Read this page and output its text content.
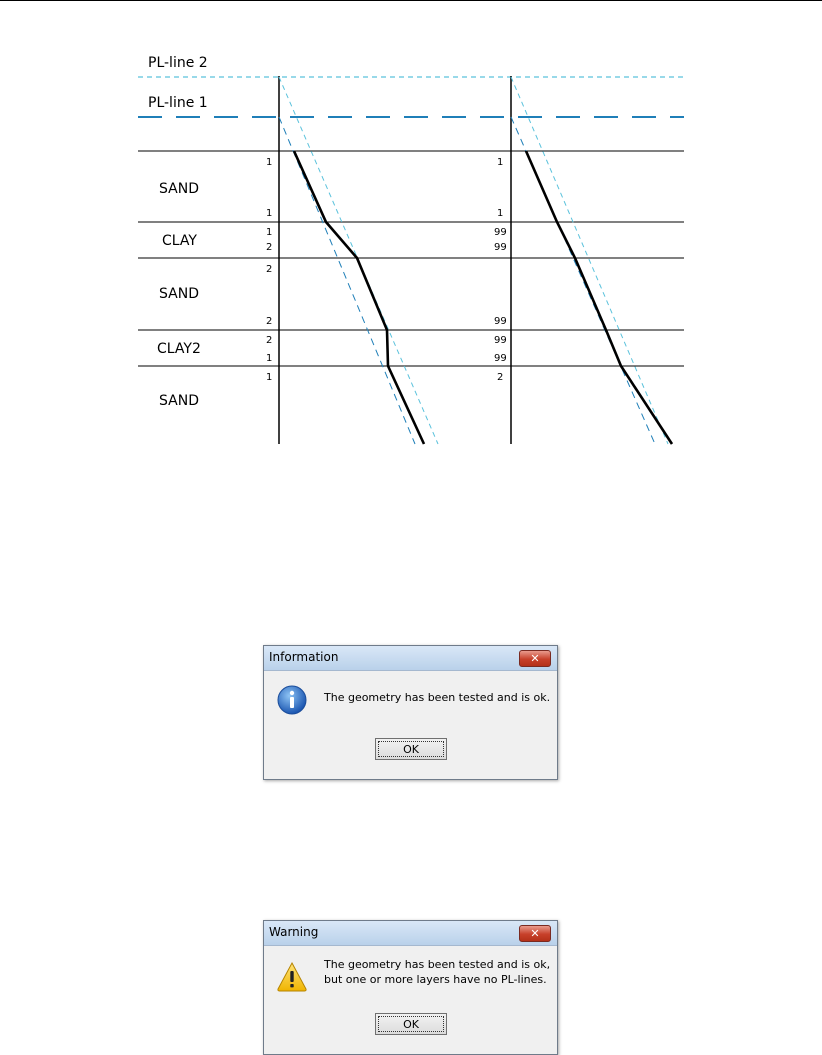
PL-line 2
PL-line 1
SAND
CLAY
SAND
CLAY2
SAND
1
1
1
2
2
2
2
1
1
1
1
99
99
99
99
99
2
Information	✕
The geometry has been tested and is ok.
OK
Warning	✕
The geometry has been tested and is ok,
but one or more layers have no PL-lines.
OK
